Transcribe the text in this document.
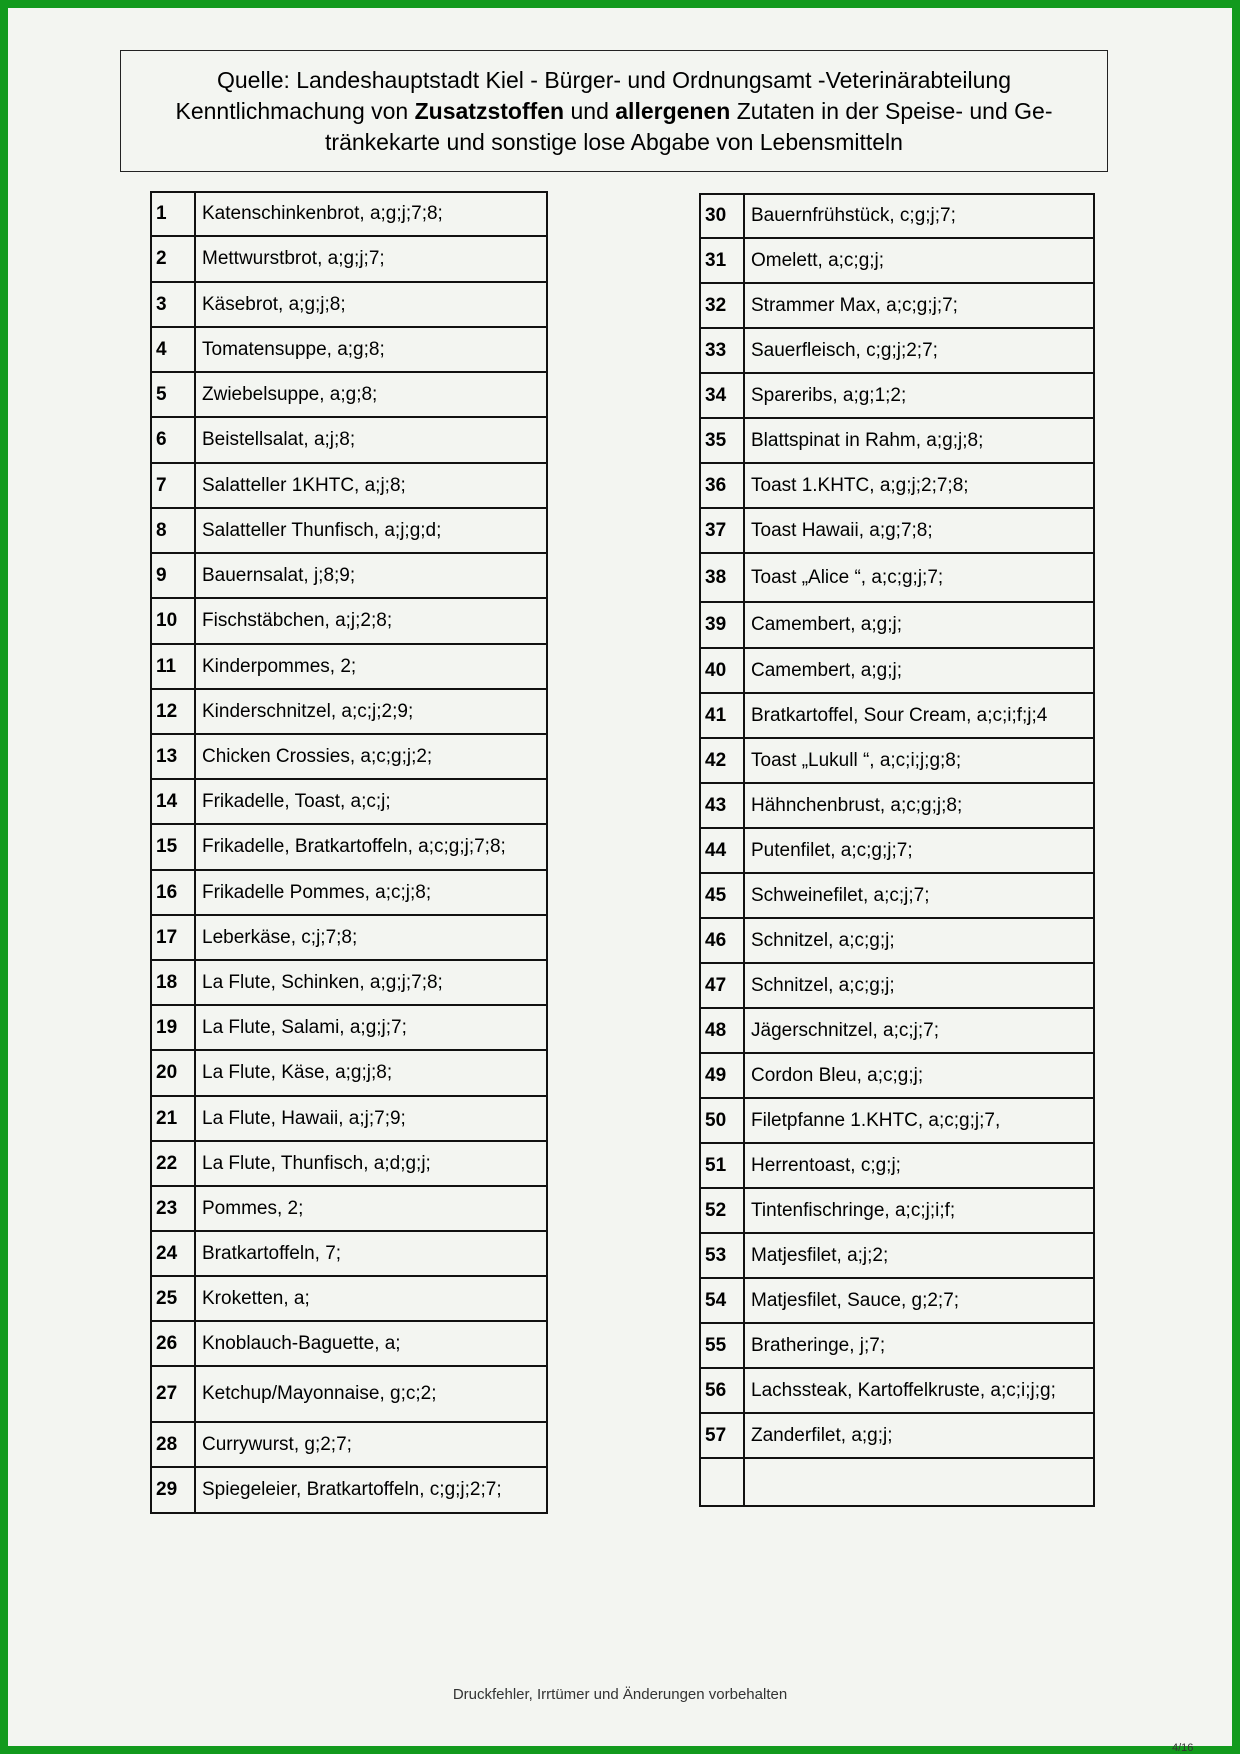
Quelle: Landeshauptstadt Kiel - Bürger- und Ordnungsamt -Veterinärabteilung
Kenntlichmachung von Zusatzstoffen und allergenen Zutaten in der Speise- und Ge-
tränkekarte und sonstige lose Abgabe von Lebensmitteln
1	Katenschinkenbrot, a;g;j;7;8;
2	Mettwurstbrot, a;g;j;7;
3	Käsebrot, a;g;j;8;
4	Tomatensuppe, a;g;8;
5	Zwiebelsuppe, a;g;8;
6	Beistellsalat, a;j;8;
7	Salatteller 1KHTC, a;j;8;
8	Salatteller Thunfisch, a;j;g;d;
9	Bauernsalat, j;8;9;
10	Fischstäbchen, a;j;2;8;
11	Kinderpommes, 2;
12	Kinderschnitzel, a;c;j;2;9;
13	Chicken Crossies, a;c;g;j;2;
14	Frikadelle, Toast, a;c;j;
15	Frikadelle, Bratkartoffeln, a;c;g;j;7;8;
16	Frikadelle Pommes, a;c;j;8;
17	Leberkäse, c;j;7;8;
18	La Flute, Schinken, a;g;j;7;8;
19	La Flute, Salami, a;g;j;7;
20	La Flute, Käse, a;g;j;8;
21	La Flute, Hawaii, a;j;7;9;
22	La Flute, Thunfisch, a;d;g;j;
23	Pommes, 2;
24	Bratkartoffeln, 7;
25	Kroketten, a;
26	Knoblauch-Baguette, a;
27	Ketchup/Mayonnaise, g;c;2;
28	Currywurst, g;2;7;
29	Spiegeleier, Bratkartoffeln, c;g;j;2;7;
30	Bauernfrühstück, c;g;j;7;
31	Omelett, a;c;g;j;
32	Strammer Max, a;c;g;j;7;
33	Sauerfleisch, c;g;j;2;7;
34	Spareribs, a;g;1;2;
35	Blattspinat in Rahm, a;g;j;8;
36	Toast 1.KHTC, a;g;j;2;7;8;
37	Toast Hawaii, a;g;7;8;
38	Toast „Alice “, a;c;g;j;7;
39	Camembert, a;g;j;
40	Camembert, a;g;j;
41	Bratkartoffel, Sour Cream, a;c;i;f;j;4
42	Toast „Lukull “, a;c;i;j;g;8;
43	Hähnchenbrust, a;c;g;j;8;
44	Putenfilet, a;c;g;j;7;
45	Schweinefilet, a;c;j;7;
46	Schnitzel, a;c;g;j;
47	Schnitzel, a;c;g;j;
48	Jägerschnitzel, a;c;j;7;
49	Cordon Bleu, a;c;g;j;
50	Filetpfanne 1.KHTC, a;c;g;j;7,
51	Herrentoast, c;g;j;
52	Tintenfischringe, a;c;j;i;f;
53	Matjesfilet, a;j;2;
54	Matjesfilet, Sauce, g;2;7;
55	Bratheringe, j;7;
56	Lachssteak, Kartoffelkruste, a;c;i;j;g;
57	Zanderfilet, a;g;j;

Druckfehler, Irrtümer und Änderungen vorbehalten
4/16
